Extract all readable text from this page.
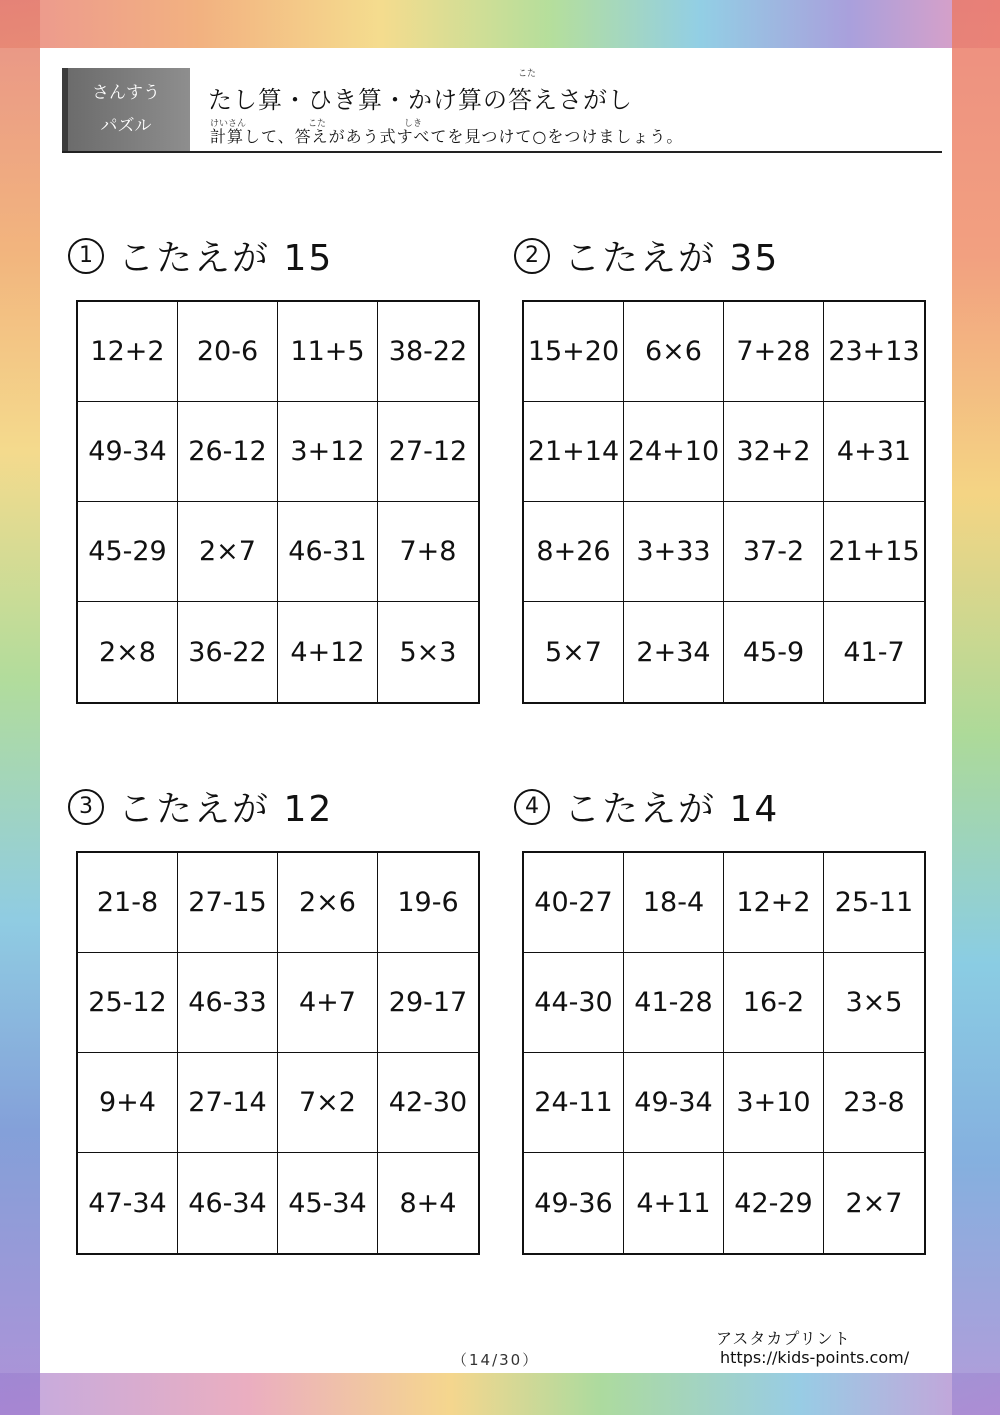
さんすう
パズル
こた
たし算・ひき算・かけ算の答えさがし
けいさん	こた	しき
計算して、答えがあう式すべてを見つけて○をつけましょう。
1 こたえが 15
12+2	20-6	11+5 38-22
49-34 26-12 3+12 27-12
45-29	2×7	46-31	7+8
2×8	36-22 4+12	5×3
2 こたえが 35
15+20 6×6	7+28 23+13
21+14 24+10 32+2 4+31
8+26 3+33	37-2 21+15
5×7	2+34	45-9	41-7
3 こたえが 12
21-8	27-15	2×6	19-6
25-12 46-33	4+7	29-17
9+4	27-14	7×2	42-30
47-34 46-34 45-34	8+4
4 こたえが 14
40-27	18-4	12+2 25-11
44-30 41-28	16-2	3×5
24-11 49-34 3+10	23-8
49-36 4+11 42-29	2×7
（14/30）
アスタカプリント
https://kids-points.com/
